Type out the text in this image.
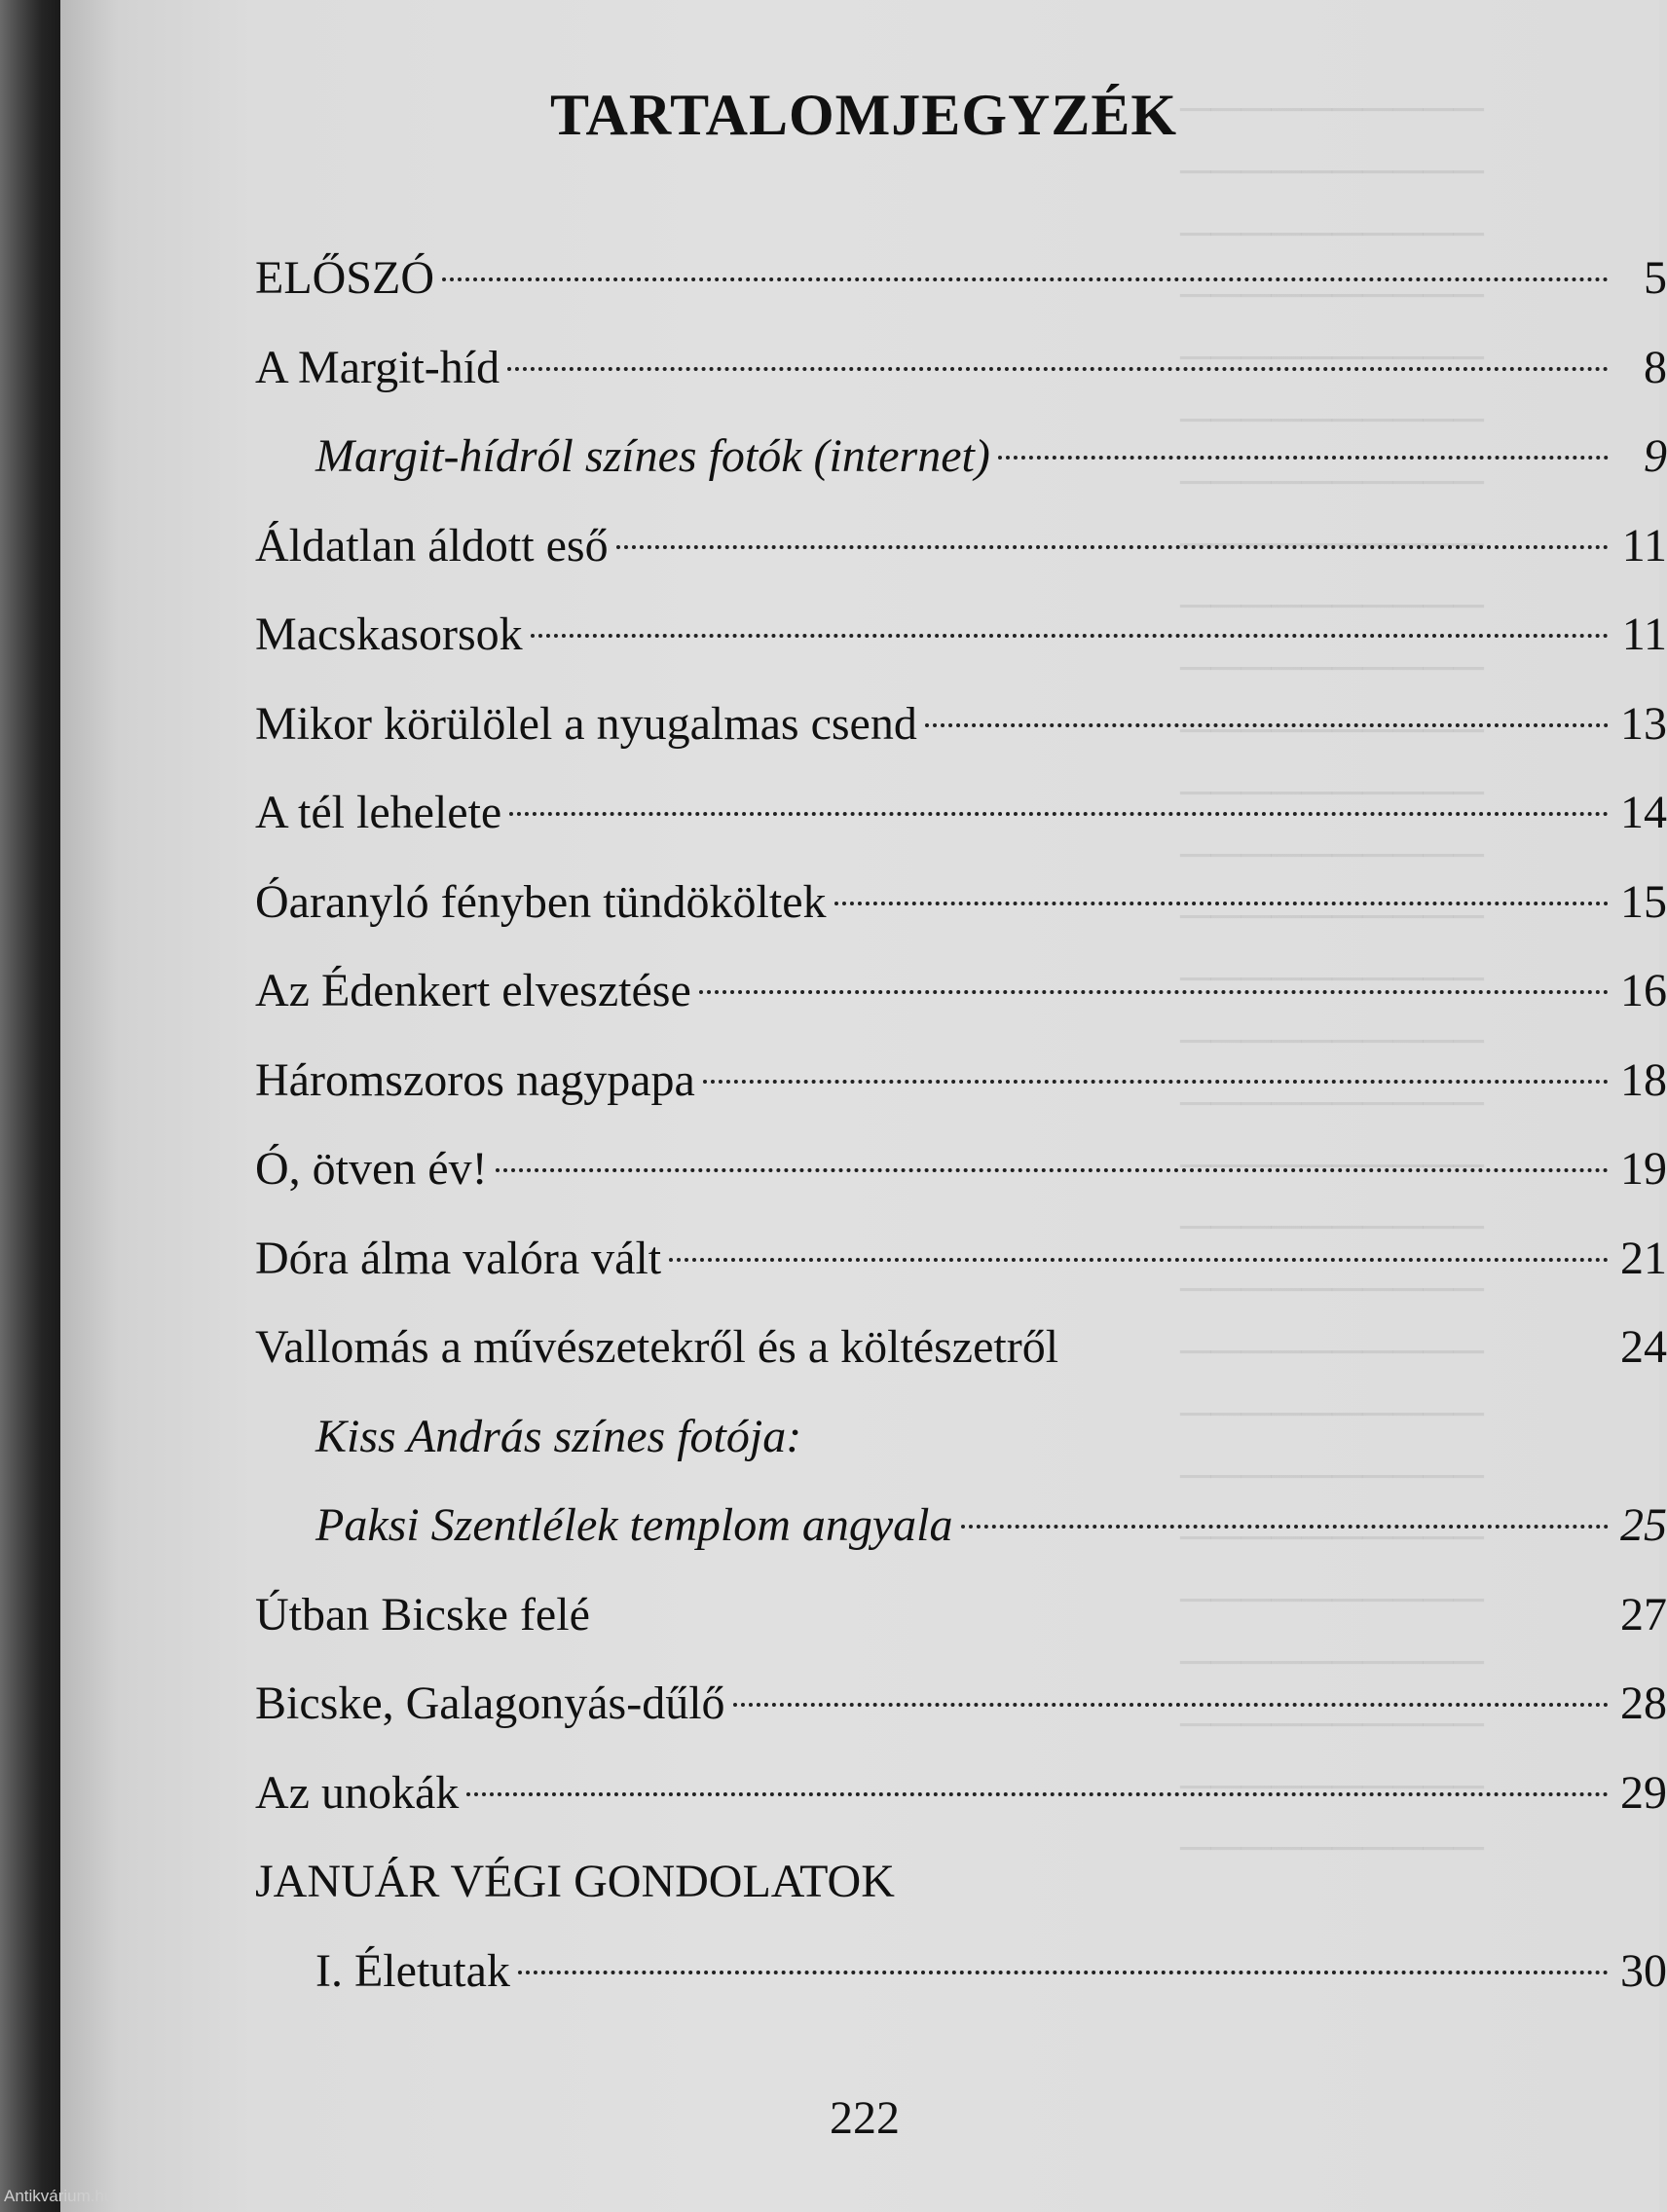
──────────
──────────
──────────
──────────
──────────
──────────
──────────
──────────
──────────
──────────
──────────
──────────
──────────
──────────
──────────
──────────
──────────
──────────
──────────
──────────
──────────
──────────
──────────
──────────
──────────
──────────
──────────
──────────
──────────
TARTALOMJEGYZÉK
ELŐSZÓ	5
A Margit-híd	8
Margit-hídról színes fotók (internet)	9
Áldatlan áldott eső	11
Macskasorsok	11
Mikor körülölel a nyugalmas csend	13
A tél lehelete	14
Óaranyló fényben tündököltek	15
Az Édenkert elvesztése	16
Háromszoros nagypapa	18
Ó, ötven év!	19
Dóra álma valóra vált	21
Vallomás a művészetekről és a költészetről	24
Kiss András színes fotója:
Paksi Szentlélek templom angyala	25
Útban Bicske felé	27
Bicske, Galagonyás-dűlő	28
Az unokák	29
JANUÁR VÉGI GONDOLATOK
I. Életutak	30
222
Antikvárium.hu
